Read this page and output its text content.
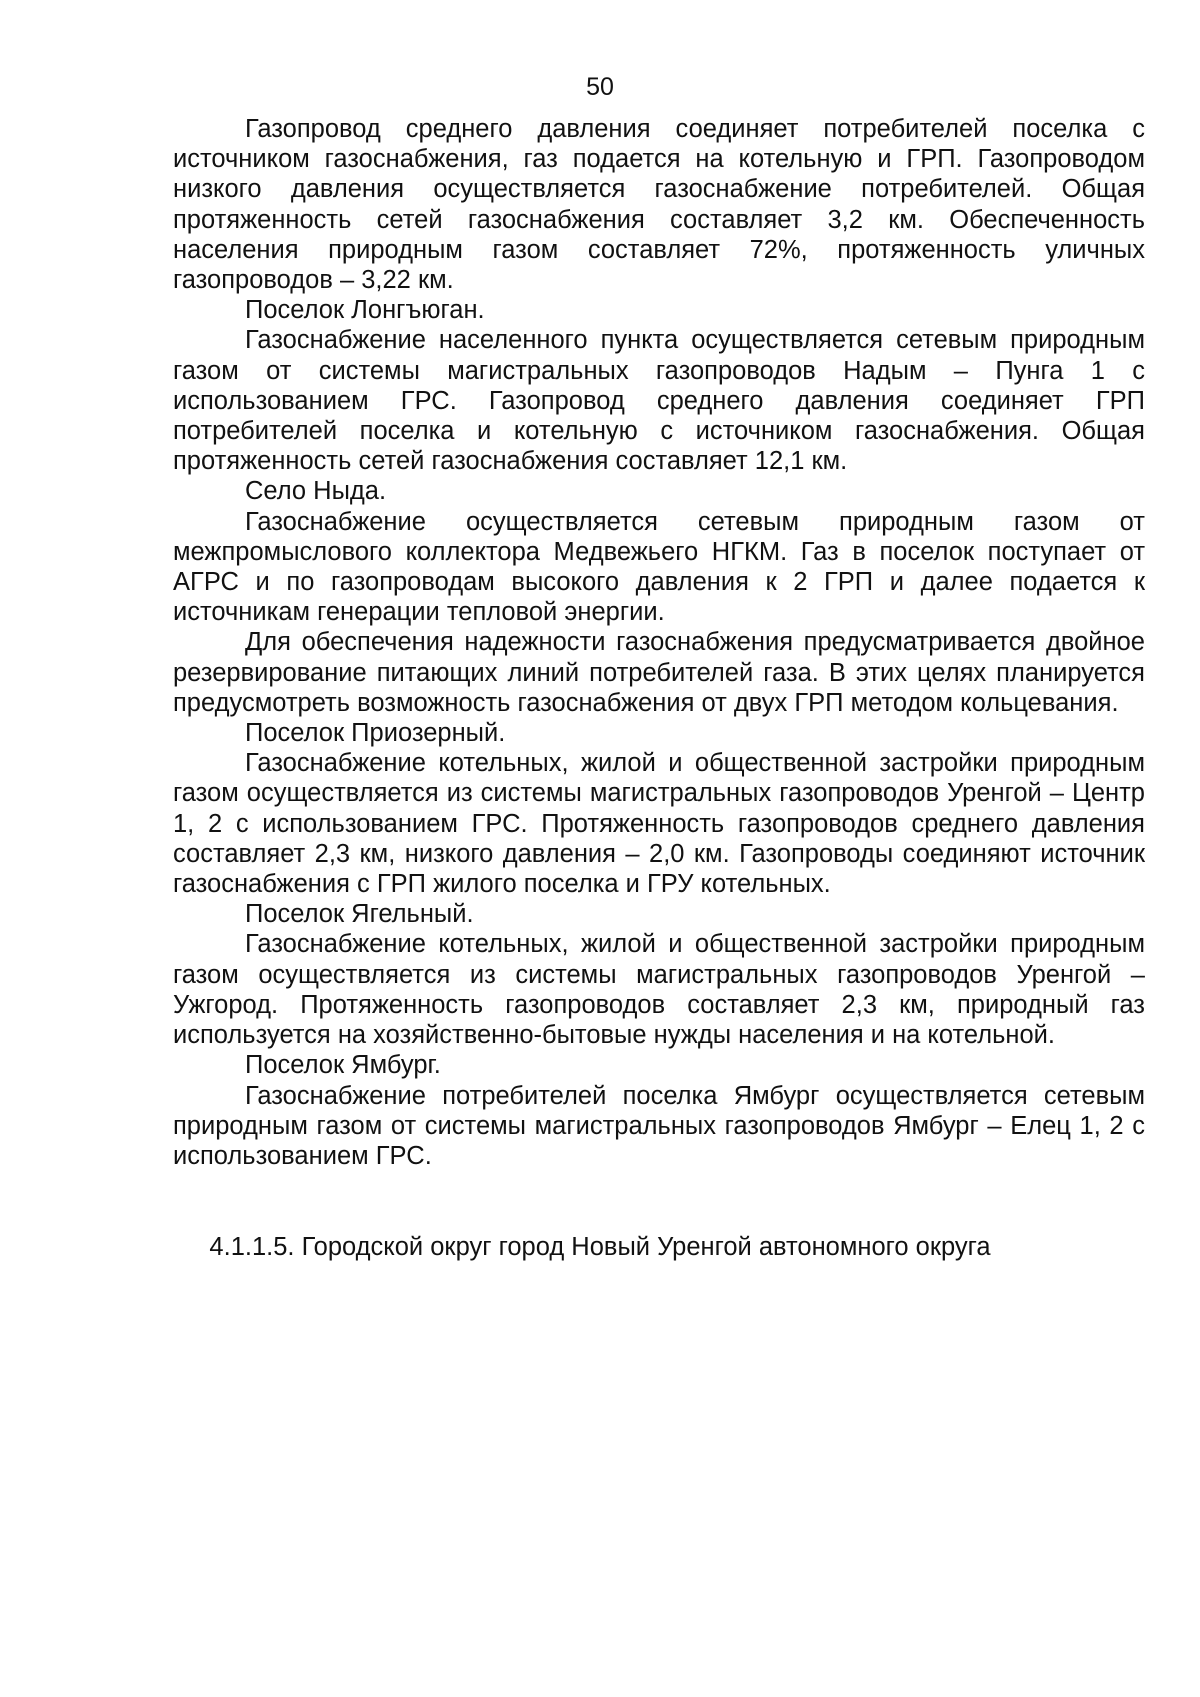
50

Газопровод среднего давления соединяет потребителей поселка с источником газоснабжения, газ подается на котельную и ГРП. Газопроводом низкого давления осуществляется газоснабжение потребителей. Общая протяженность сетей газоснабжения составляет 3,2 км. Обеспеченность населения природным газом составляет 72%, протяженность уличных газопроводов – 3,22 км.

Поселок Лонгъюган.

Газоснабжение населенного пункта осуществляется сетевым природным газом от системы магистральных газопроводов Надым – Пунга 1 с использованием ГРС. Газопровод среднего давления соединяет ГРП потребителей поселка и котельную с источником газоснабжения. Общая протяженность сетей газоснабжения составляет 12,1 км.

Село Ныда.

Газоснабжение осуществляется сетевым природным газом от межпромыслового коллектора Медвежьего НГКМ. Газ в поселок поступает от АГРС и по газопроводам высокого давления к 2 ГРП и далее подается к источникам генерации тепловой энергии.

Для обеспечения надежности газоснабжения предусматривается двойное резервирование питающих линий потребителей газа. В этих целях планируется предусмотреть возможность газоснабжения от двух ГРП методом кольцевания.

Поселок Приозерный.

Газоснабжение котельных, жилой и общественной застройки природным газом осуществляется из системы магистральных газопроводов Уренгой – Центр 1, 2 с использованием ГРС. Протяженность газопроводов среднего давления составляет 2,3 км, низкого давления – 2,0 км. Газопроводы соединяют источник газоснабжения с ГРП жилого поселка и ГРУ котельных.

Поселок Ягельный.

Газоснабжение котельных, жилой и общественной застройки природным газом осуществляется из системы магистральных газопроводов Уренгой – Ужгород. Протяженность газопроводов составляет 2,3 км, природный газ используется на хозяйственно-бытовые нужды населения и на котельной.

Поселок Ямбург.

Газоснабжение потребителей поселка Ямбург осуществляется сетевым природным газом от системы магистральных газопроводов Ямбург – Елец 1, 2 с использованием ГРС.

4.1.1.5. Городской округ город Новый Уренгой автономного округа
